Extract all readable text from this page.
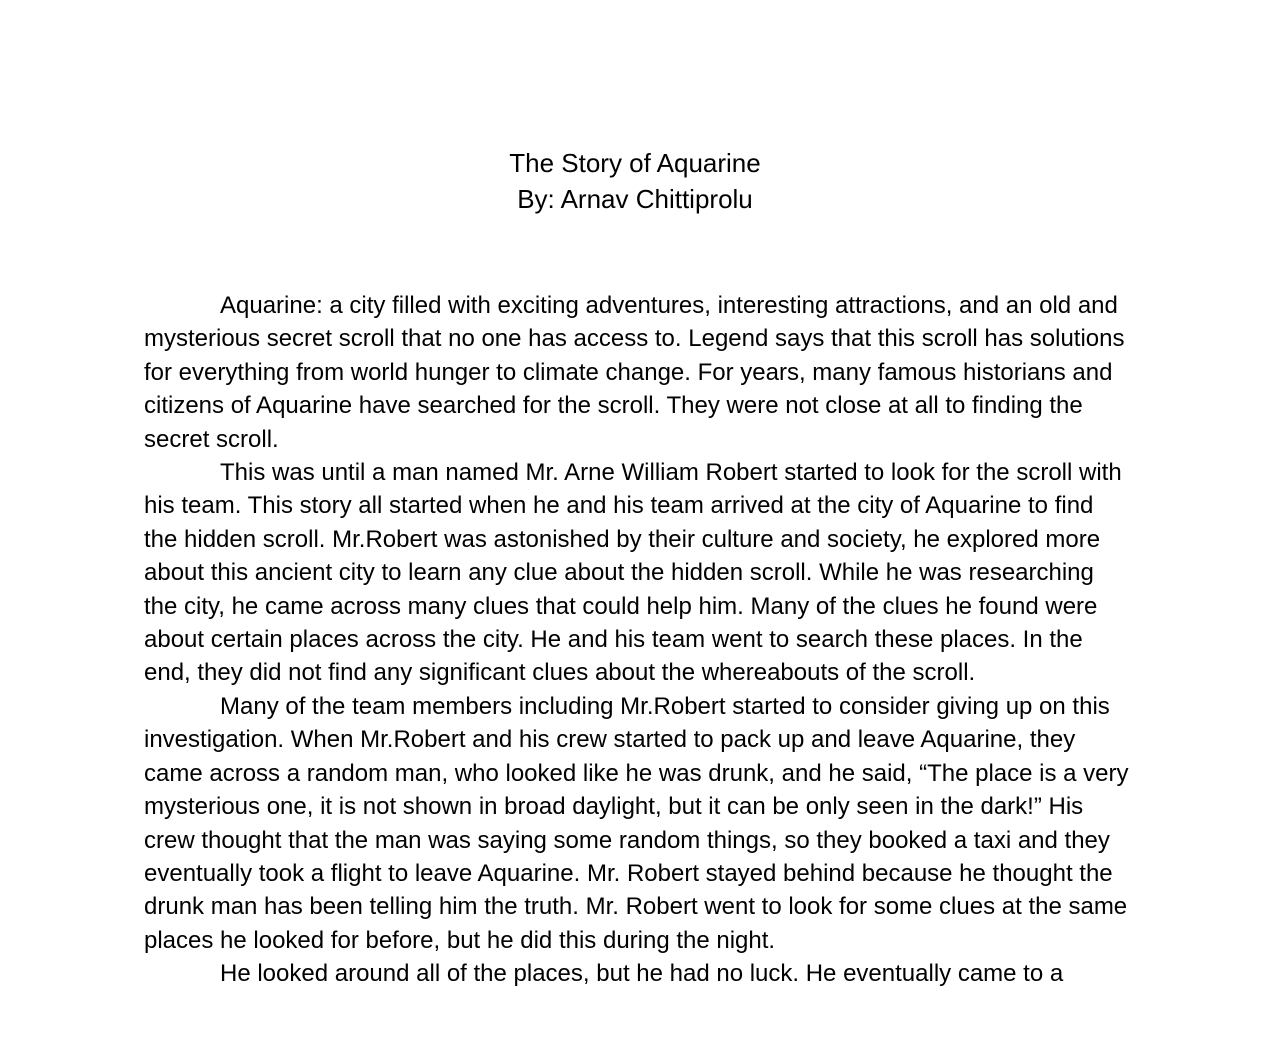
The Story of Aquarine
By: Arnav Chittiprolu

Aquarine: a city filled with exciting adventures, interesting attractions, and an old and mysterious secret scroll that no one has access to. Legend says that this scroll has solutions for everything from world hunger to climate change. For years, many famous historians and citizens of Aquarine have searched for the scroll. They were not close at all to finding the secret scroll.

This was until a man named Mr. Arne William Robert started to look for the scroll with his team. This story all started when he and his team arrived at the city of Aquarine to find the hidden scroll. Mr.Robert was astonished by their culture and society, he explored more about this ancient city to learn any clue about the hidden scroll. While he was researching the city, he came across many clues that could help him. Many of the clues he found were about certain places across the city. He and his team went to search these places. In the end, they did not find any significant clues about the whereabouts of the scroll.

Many of the team members including Mr.Robert started to consider giving up on this investigation. When Mr.Robert and his crew started to pack up and leave Aquarine, they came across a random man, who looked like he was drunk, and he said, “The place is a very mysterious one, it is not shown in broad daylight, but it can be only seen in the dark!” His crew thought that the man was saying some random things, so they booked a taxi and they eventually took a flight to leave Aquarine. Mr. Robert stayed behind because he thought the drunk man has been telling him the truth. Mr. Robert went to look for some clues at the same places he looked for before, but he did this during the night.

He looked around all of the places, but he had no luck. He eventually came to a
